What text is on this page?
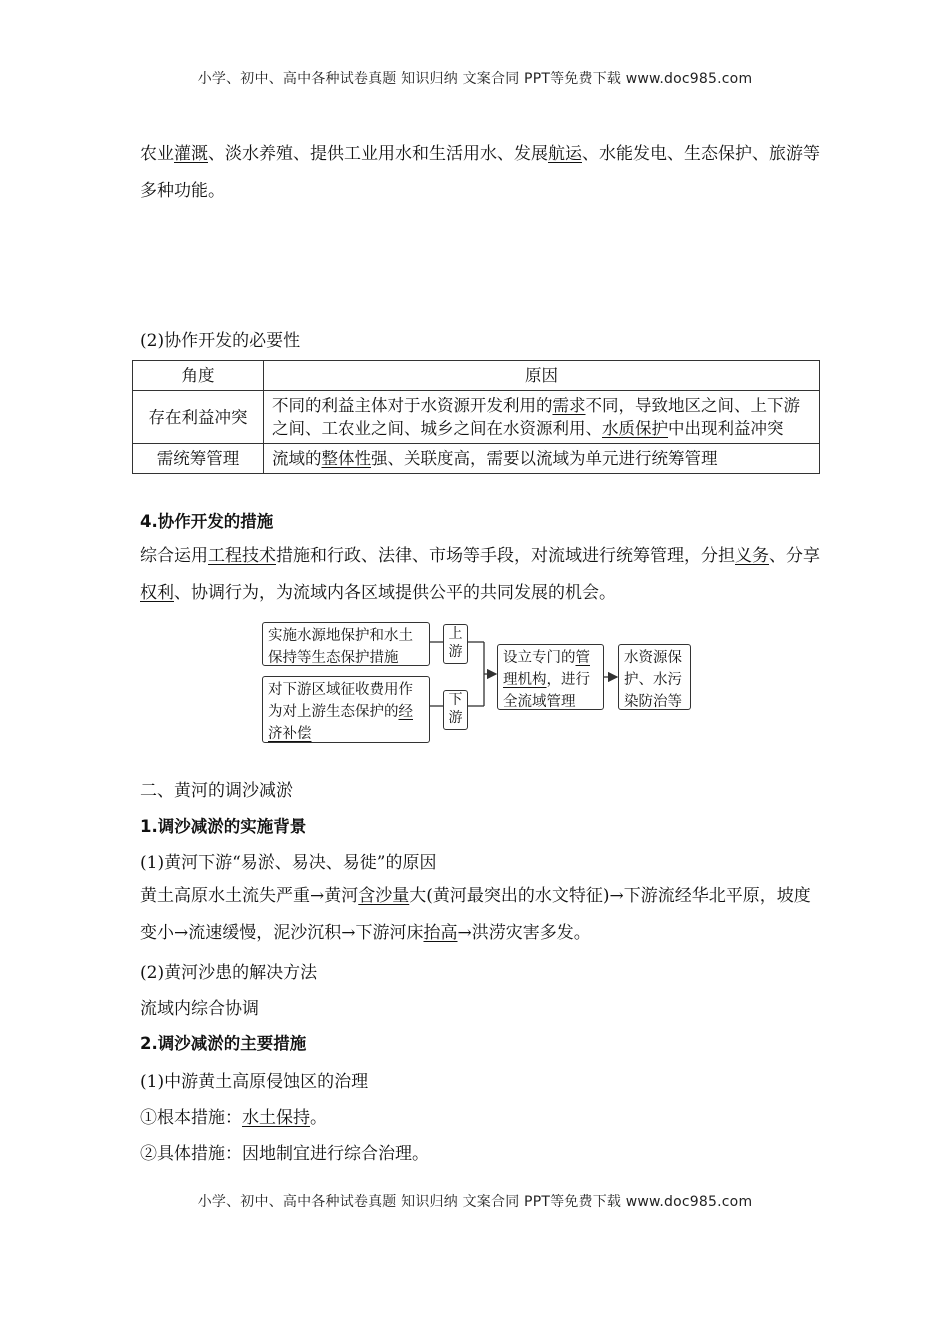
小学、初中、高中各种试卷真题 知识归纳 文案合同 PPT等免费下载 www.doc985.com

农业灌溉、淡水养殖、提供工业用水和生活用水、发展航运、水能发电、生态保护、旅游等多种功能。

(2)协作开发的必要性

角度	原因
存在利益冲突	不同的利益主体对于水资源开发利用的需求不同，导致地区之间、上下游之间、工农业之间、城乡之间在水资源利用、水质保护中出现利益冲突
需统筹管理	流域的整体性强、关联度高，需要以流域为单元进行统筹管理

4.协作开发的措施

综合运用工程技术措施和行政、法律、市场等手段，对流域进行统筹管理，分担义务、分享权利、协调行为，为流域内各区域提供公平的共同发展的机会。

实施水源地保护和水土保持等生态保护措施
上游
对下游区域征收费用作为对上游生态保护的经济补偿
下游
设立专门的管理机构，进行全流域管理
水资源保护、水污染防治等

二、黄河的调沙减淤

1.调沙减淤的实施背景

(1)黄河下游“易淤、易决、易徙”的原因

黄土高原水土流失严重→黄河含沙量大(黄河最突出的水文特征)→下游流经华北平原，坡度变小→流速缓慢，泥沙沉积→下游河床抬高→洪涝灾害多发。

(2)黄河沙患的解决方法

流域内综合协调

2.调沙减淤的主要措施

(1)中游黄土高原侵蚀区的治理

①根本措施：水土保持。

②具体措施：因地制宜进行综合治理。

小学、初中、高中各种试卷真题 知识归纳 文案合同 PPT等免费下载 www.doc985.com
